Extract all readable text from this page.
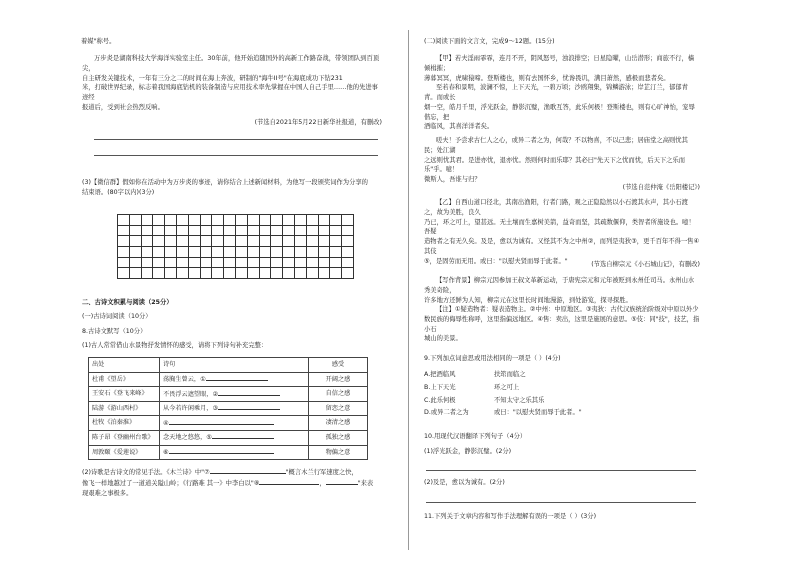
着媒"称号。

万步炎是湖南科技大学海洋实验室主任。30年前，他开始追随国外的高新工作路奋战，带领团队到百顶尖，

自主研发关键技术，一年有三分之二的时间在海上奔波，研制的"海牛II号"在海底成功下钻231

米，打破世界纪录，标志着我国海底钻机的装备制造与应用技术率先掌握在中国人自己手里……他的先进事迹经

报道后，受到社会热烈反响。

(节选自2021年5月22日新华社报道，有删改)

(3)【微信群】假如你在活动中为万步炎的事迹，请你结合上述新闻材料，为他写一段颁奖词作为分享的

结束语。(80字以内)(3分)

二、古诗文积累与阅读（25分）

(一)古诗词阅读（10分）

8.古诗文默写（10分）

(1)古人常常借山水景物抒发情怀的感受，请将下列诗句补充完整：

出处	诗句	感受
杜甫《望岳》	荡胸生曾云，①	开阔之感
王安石《登飞来峰》	不畏浮云遮望眼，②	自信之感
陆游《游山西村》	从今若许闲乘月，③	留恋之意
杜牧《泊秦淮》	④	凄清之感
陈子昂《登幽州台歌》	念天地之悠悠，⑤	孤独之感
周敦颐《爱莲说》	⑥	物偏之意

(2)诗歌是古诗文的常见手法。《木兰诗》中"⑦	"概言木兰行军速度之快，

像飞一样地越过了一道道关隘山岭；《行路难 其一》中李白以"⑧	，	"来表

现艰难之事极多。

(二)阅读下面的文言文，完成9～12题。(15分)

【甲】若夫淫雨霏霏，连月不开，阴风怒号，浊浪排空；日星隐曜，山岳潜形；商旅不行，樯倾楫摧；

薄暮冥冥，虎啸猿啼。登斯楼也，则有去国怀乡，忧谗畏讥，满目萧然，感极而悲者矣。

至若春和景明，波澜不惊，上下天光，一碧万顷；沙鸥翔集，锦鳞游泳；岸芷汀兰，郁郁青青。而或长

烟一空，皓月千里，浮光跃金，静影沉璧，渔歌互答，此乐何极！登斯楼也，则有心旷神怡，宠辱偕忘，把

酒临风，其喜洋洋者矣。

嗟夫！予尝求古仁人之心，或异二者之为，何哉？不以物喜，不以己悲；居庙堂之高则忧其民；处江湖

之远则忧其君。是进亦忧，退亦忧。然则何时而乐耶？其必曰"先天下之忧而忧，后天下之乐而乐"乎。噫！

微斯人，吾谁与归？

(节选自范仲淹《岳阳楼记》)

【乙】自西山道口径北，其南出渔阳，行者门路，观之正隐隐然以小石渡其水声，其小石渡之，故为美胜，良久

乃已，环之可上，望甚远。无土壤而生嘉树美箭，益奇而坚，其疏数偃仰，类智者所施设也。噫！吾疑

造物者之有无久矣。及是，愈以为诚有。又怪其不为之中州②，而列是夷狄③，更千百年不得一售④其伎

⑤，是固劳而无用。或曰："以慰夫贤而辱于此者。"	(节选自柳宗元《小石城山记》，有删改)

【写作背景】柳宗元因参加王叔文革新运动，于唐宪宗元和元年被贬到永州任司马。永州山水秀美奇险，

许多地方还鲜为人知，柳宗元在这里长时间地漫游，到处游览，探寻探胜。

【注】①疑造物者：疑表造物主。②中州：中原地区。③夷狄：古代汉族统治阶级对中原以外少

数民族的侮辱性称呼，这里指偏远地区。④售：卖出，这里是施展的意思。⑤伎：同"技"，技艺，指小石

城山的美景。

9.下列加点词意思或用法相同的一项是（ ）(4分)

A.把酒临风	扶筇而临之
B.上下天光	环之可上
C.此乐何极	不知太守之乐其乐
D.或异二者之为	或曰："以慰夫贤而辱于此者。"

10.用现代汉语翻译下列句子（4分）

(1)浮光跃金，静影沉璧。(2分)

(2)及是，愈以为诚有。(2分)

11.下列关于文章内容和写作手法理解有误的一项是（ ）(3分)
